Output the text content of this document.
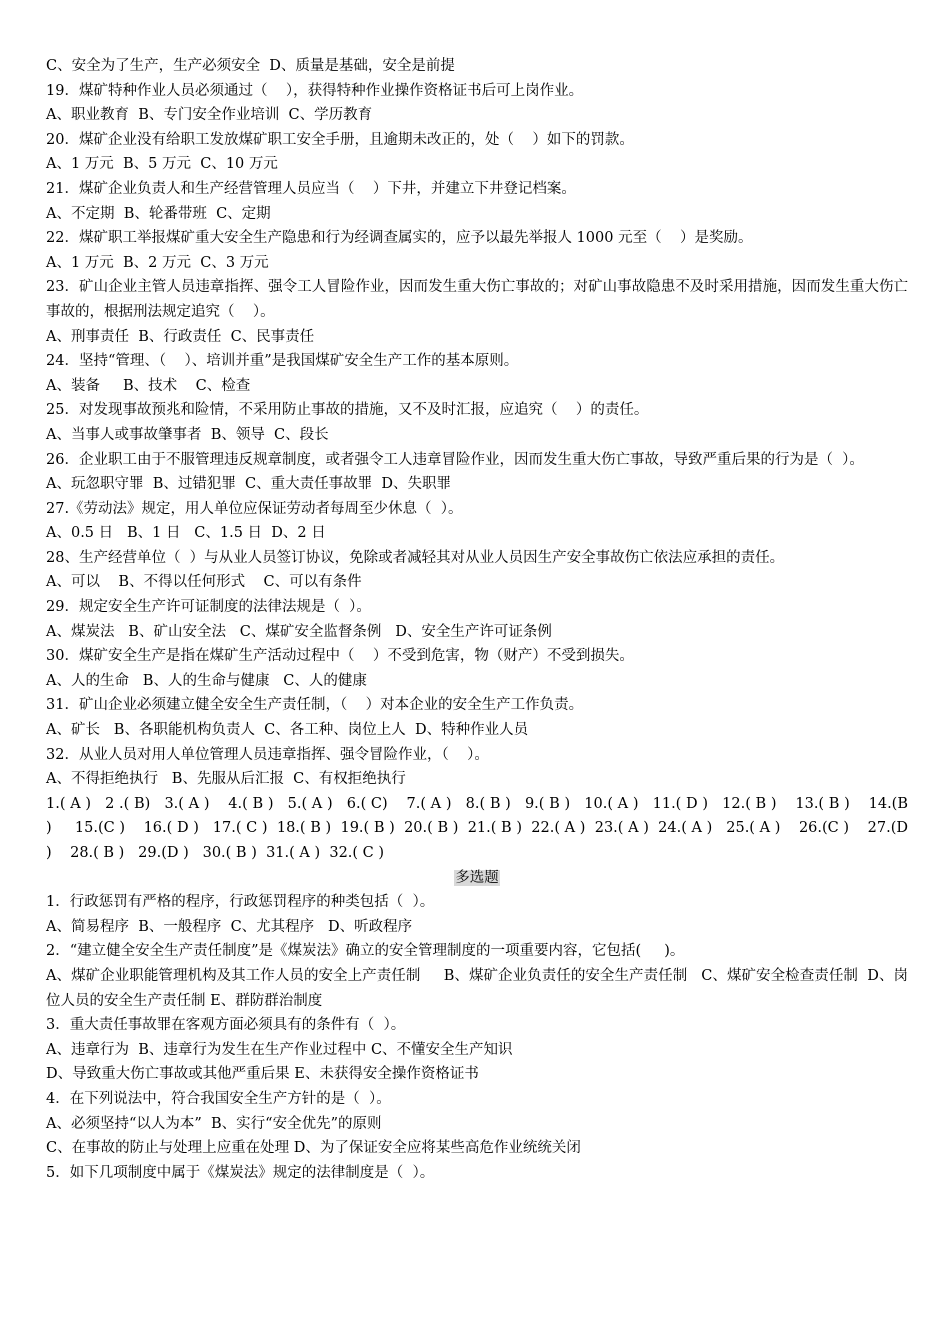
C、安全为了生产，生产必须安全  D、质量是基础，安全是前提
19．煤矿特种作业人员必须通过（    ），获得特种作业操作资格证书后可上岗作业。
A、职业教育  B、专门安全作业培训  C、学历教育
20．煤矿企业没有给职工发放煤矿职工安全手册，且逾期未改正的，处（    ）如下的罚款。
A、1 万元  B、5 万元  C、10 万元
21．煤矿企业负责人和生产经营管理人员应当（    ）下井，并建立下井登记档案。
A、不定期  B、轮番带班  C、定期
22．煤矿职工举报煤矿重大安全生产隐患和行为经调查属实的，应予以最先举报人 1000 元至（    ）是奖励。
A、1 万元  B、2 万元  C、3 万元
23．矿山企业主管人员违章指挥、强令工人冒险作业，因而发生重大伤亡事故的；对矿山事故隐患不及时采用措施，因而发生重大伤亡事故的，根据刑法规定追究（    ）。
A、刑事责任  B、行政责任  C、民事责任
24．坚持“管理、（    ）、培训并重”是我国煤矿安全生产工作的基本原则。
A、装备     B、技术    C、检查
25．对发现事故预兆和险情，不采用防止事故的措施，又不及时汇报，应追究（    ）的责任。
A、当事人或事故肇事者  B、领导  C、段长
26．企业职工由于不服管理违反规章制度，或者强令工人违章冒险作业，因而发生重大伤亡事故，导致严重后果的行为是（  ）。
A、玩忽职守罪  B、过错犯罪  C、重大责任事故罪  D、失职罪
27.《劳动法》规定，用人单位应保证劳动者每周至少休息（  ）。
A、0.5 日   B、1 日   C、1.5 日  D、2 日
28、生产经营单位（  ）与从业人员签订协议，免除或者减轻其对从业人员因生产安全事故伤亡依法应承担的责任。
A、可以    B、不得以任何形式    C、可以有条件
29．规定安全生产许可证制度的法律法规是（  ）。
A、煤炭法   B、矿山安全法   C、煤矿安全监督条例   D、安全生产许可证条例
30．煤矿安全生产是指在煤矿生产活动过程中（    ）不受到危害，物（财产）不受到损失。
A、人的生命   B、人的生命与健康   C、人的健康
31．矿山企业必须建立健全安全生产责任制，（    ）对本企业的安全生产工作负责。
A、矿长   B、各职能机构负责人  C、各工种、岗位上人  D、特种作业人员
32．从业人员对用人单位管理人员违章指挥、强令冒险作业，（    ）。
A、不得拒绝执行   B、先服从后汇报  C、有权拒绝执行
1.( A )   2 .( B)   3.( A )    4.( B )   5.( A )   6.( C)    7.( A )   8.( B )   9.( B )   10.( A )   11.( D )   12.( B )    13.( B )    14.(B )     15.(C )    16.( D )   17.( C )  18.( B )  19.( B )  20.( B )  21.( B )  22.( A )  23.( A )  24.( A )   25.( A )    26.(C )    27.(D )    28.( B )   29.(D )   30.( B )  31.( A )  32.( C )
多选题
1．行政惩罚有严格的程序，行政惩罚程序的种类包括（  ）。
A、简易程序  B、一般程序  C、尤其程序   D、听政程序
2．“建立健全安全生产责任制度”是《煤炭法》确立的安全管理制度的一项重要内容，它包括(     )。
A、煤矿企业职能管理机构及其工作人员的安全上产责任制     B、煤矿企业负责任的安全生产责任制   C、煤矿安全检查责任制  D、岗位人员的安全生产责任制 E、群防群治制度
3．重大责任事故罪在客观方面必须具有的条件有（  ）。
A、违章行为  B、违章行为发生在生产作业过程中 C、不懂安全生产知识
D、导致重大伤亡事故或其他严重后果 E、未获得安全操作资格证书
4．在下列说法中，符合我国安全生产方针的是（  ）。
A、必须坚持“以人为本”  B、实行“安全优先”的原则
C、在事故的防止与处理上应重在处理 D、为了保证安全应将某些高危作业统统关闭
5．如下几项制度中属于《煤炭法》规定的法律制度是（  ）。
